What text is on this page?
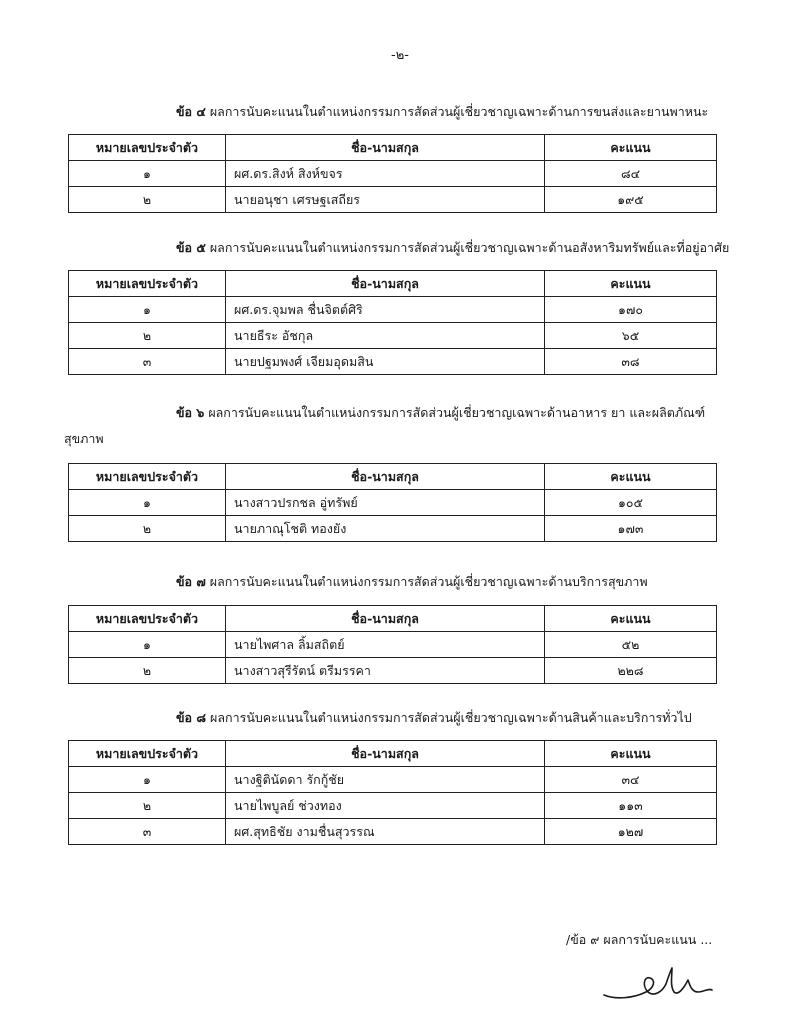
-๒-
ข้อ ๔ ผลการนับคะแนนในตำแหน่งกรรมการสัดส่วนผู้เชี่ยวชาญเฉพาะด้านการขนส่งและยานพาหนะ
หมายเลขประจำตัว	ชื่อ-นามสกุล	คะแนน
๑	ผศ.ดร.สิงห์ สิงห์ขจร	๘๔
๒	นายอนุชา เศรษฐเสถียร	๑๙๕
ข้อ ๕ ผลการนับคะแนนในตำแหน่งกรรมการสัดส่วนผู้เชี่ยวชาญเฉพาะด้านอสังหาริมทรัพย์และที่อยู่อาศัย
หมายเลขประจำตัว	ชื่อ-นามสกุล	คะแนน
๑	ผศ.ดร.จุมพล ชื่นจิตต์ศิริ	๑๗๐
๒	นายธีระ อัชกุล	๖๕
๓	นายปฐมพงศ์ เจียมอุดมสิน	๓๘
ข้อ ๖ ผลการนับคะแนนในตำแหน่งกรรมการสัดส่วนผู้เชี่ยวชาญเฉพาะด้านอาหาร ยา และผลิตภัณฑ์
สุขภาพ
หมายเลขประจำตัว	ชื่อ-นามสกุล	คะแนน
๑	นางสาวปรกชล อู่ทรัพย์	๑๐๕
๒	นายภาณุโชติ ทองยัง	๑๗๓
ข้อ ๗ ผลการนับคะแนนในตำแหน่งกรรมการสัดส่วนผู้เชี่ยวชาญเฉพาะด้านบริการสุขภาพ
หมายเลขประจำตัว	ชื่อ-นามสกุล	คะแนน
๑	นายไพศาล ลิ้มสถิตย์	๕๒
๒	นางสาวสุรีรัตน์ ตรีมรรคา	๒๒๘
ข้อ ๘ ผลการนับคะแนนในตำแหน่งกรรมการสัดส่วนผู้เชี่ยวชาญเฉพาะด้านสินค้าและบริการทั่วไป
หมายเลขประจำตัว	ชื่อ-นามสกุล	คะแนน
๑	นางฐิตินัดดา รักกู้ชัย	๓๔
๒	นายไพบูลย์ ช่วงทอง	๑๑๓
๓	ผศ.สุทธิชัย งามชื่นสุวรรณ	๑๒๗
/ข้อ ๙ ผลการนับคะแนน ...
